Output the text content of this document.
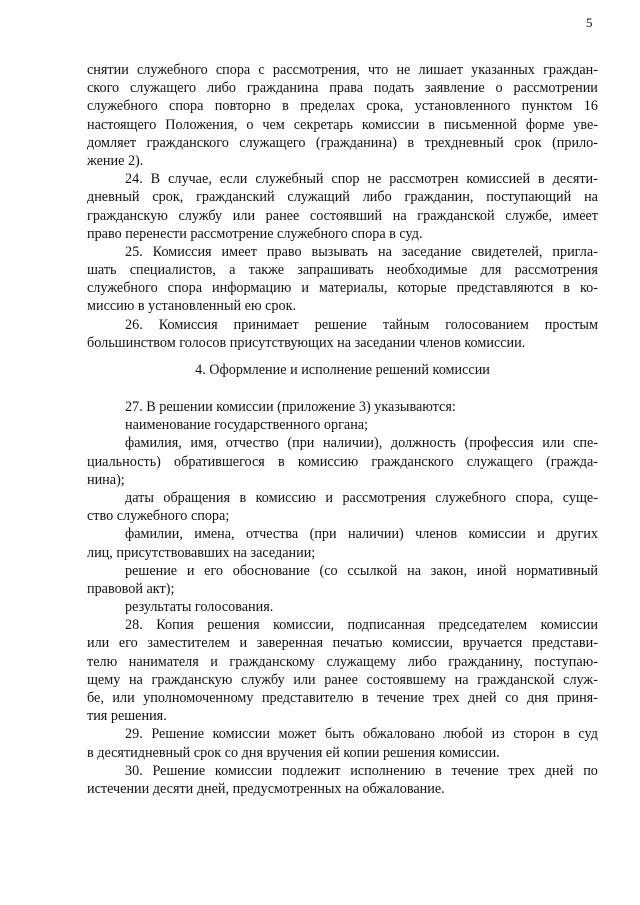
5
снятии служебного спора с рассмотрения, что не лишает указанных граждан-
ского служащего либо гражданина права подать заявление о рассмотрении
служебного спора повторно в пределах срока, установленного пунктом 16
настоящего Положения, о чем секретарь комиссии в письменной форме уве-
домляет гражданского служащего (гражданина) в трехдневный срок (прило-
жение 2).
24. В случае, если служебный спор не рассмотрен комиссией в десяти-
дневный срок, гражданский служащий либо гражданин, поступающий на
гражданскую службу или ранее состоявший на гражданской службе, имеет
право перенести рассмотрение служебного спора в суд.
25. Комиссия имеет право вызывать на заседание свидетелей, пригла-
шать специалистов, а также запрашивать необходимые для рассмотрения
служебного спора информацию и материалы, которые представляются в ко-
миссию в установленный ею срок.
26. Комиссия принимает решение тайным голосованием простым
большинством голосов присутствующих на заседании членов комиссии.
4. Оформление и исполнение решений комиссии
27. В решении комиссии (приложение 3) указываются:
наименование государственного органа;
фамилия, имя, отчество (при наличии), должность (профессия или спе-
циальность) обратившегося в комиссию гражданского служащего (гражда-
нина);
даты обращения в комиссию и рассмотрения служебного спора, суще-
ство служебного спора;
фамилии, имена, отчества (при наличии) членов комиссии и других
лиц, присутствовавших на заседании;
решение и его обоснование (со ссылкой на закон, иной нормативный
правовой акт);
результаты голосования.
28. Копия решения комиссии, подписанная председателем комиссии
или его заместителем и заверенная печатью комиссии, вручается представи-
телю нанимателя и гражданскому служащему либо гражданину, поступаю-
щему на гражданскую службу или ранее состоявшему на гражданской служ-
бе, или уполномоченному представителю в течение трех дней со дня приня-
тия решения.
29. Решение комиссии может быть обжаловано любой из сторон в суд
в десятидневный срок со дня вручения ей копии решения комиссии.
30. Решение комиссии подлежит исполнению в течение трех дней по
истечении десяти дней, предусмотренных на обжалование.
